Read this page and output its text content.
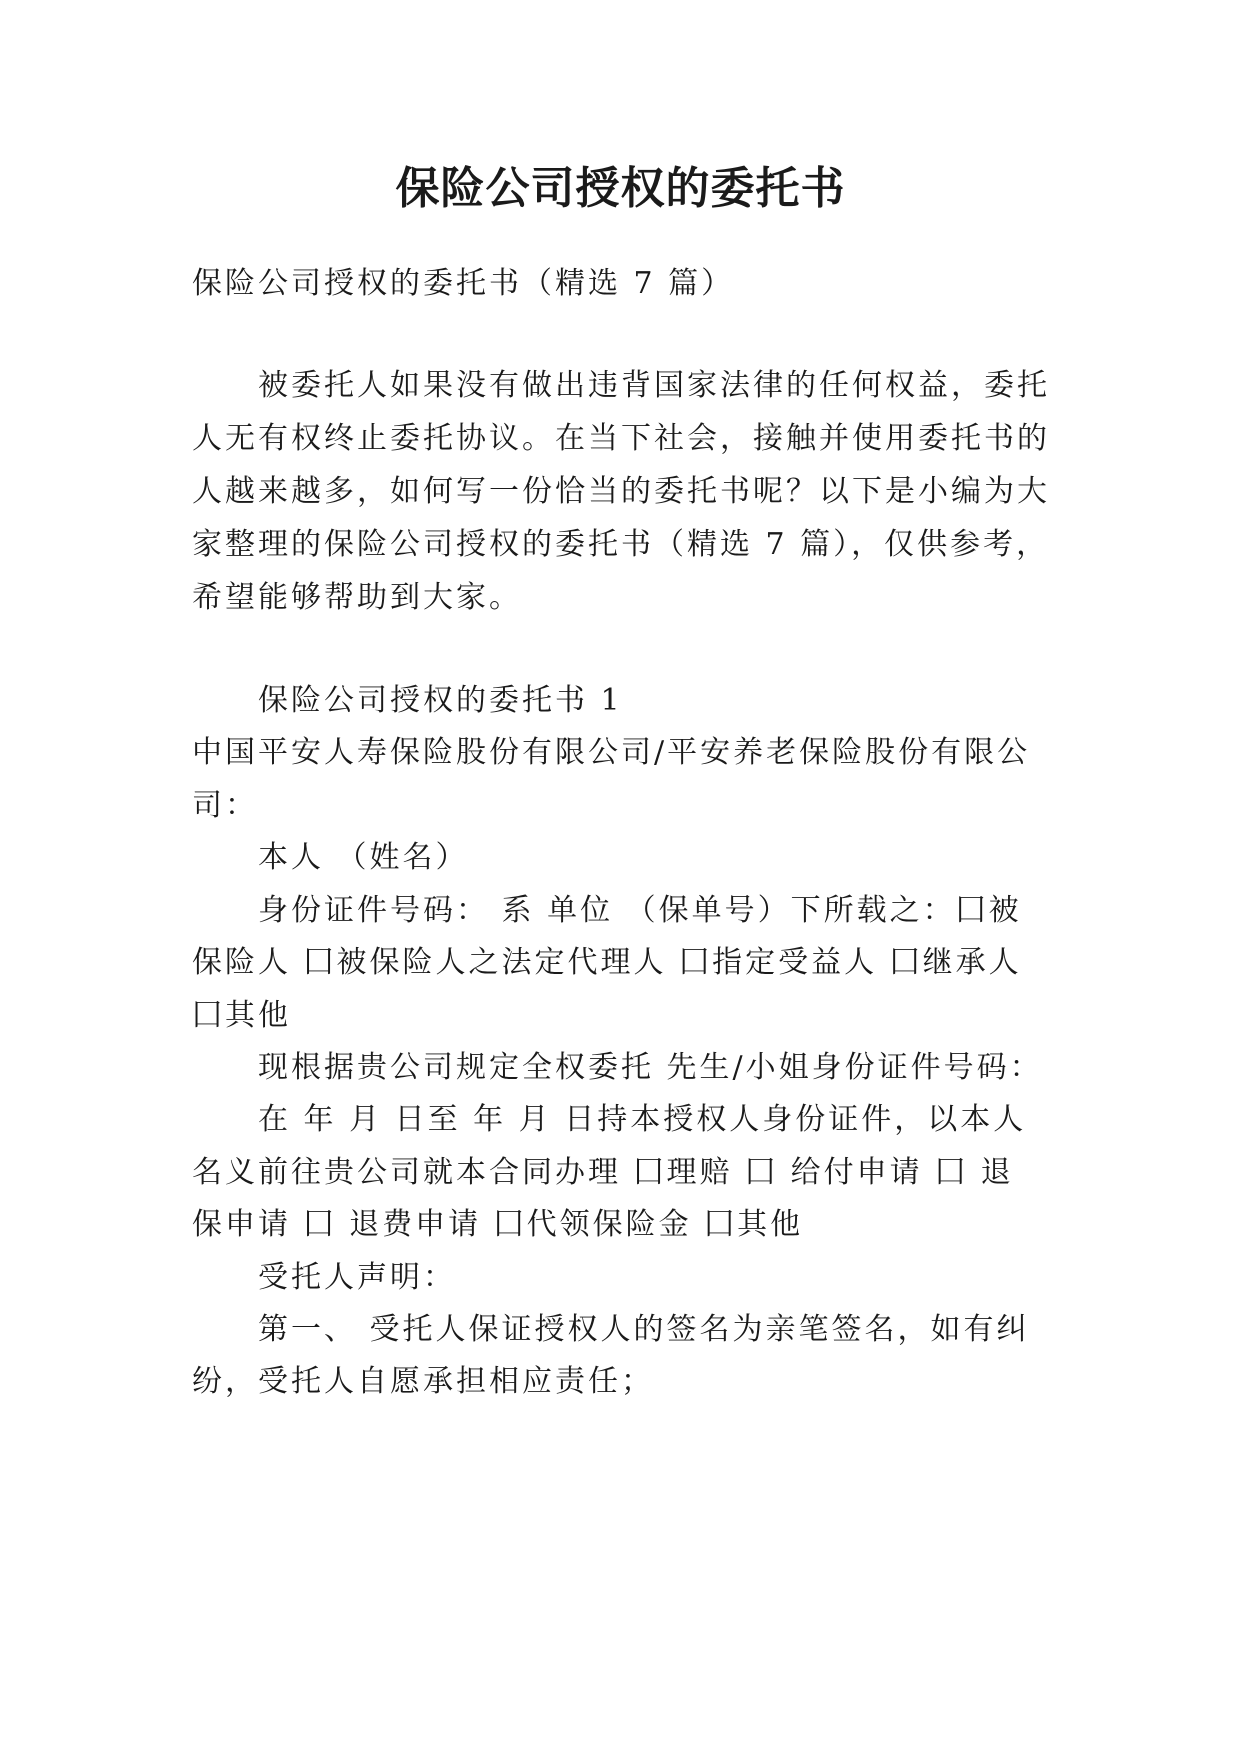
保险公司授权的委托书

保险公司授权的委托书（精选 7 篇）

被委托人如果没有做出违背国家法律的任何权益，委托

人无有权终止委托协议。在当下社会，接触并使用委托书的

人越来越多，如何写一份恰当的委托书呢？以下是小编为大

家整理的保险公司授权的委托书（精选 7 篇），仅供参考，

希望能够帮助到大家。

保险公司授权的委托书 1

中国平安人寿保险股份有限公司/平安养老保险股份有限公

司：

本人 （姓名）

身份证件号码： 系 单位 （保单号）下所载之：囗被

保险人 囗被保险人之法定代理人 囗指定受益人 囗继承人

囗其他

现根据贵公司规定全权委托 先生/小姐身份证件号码：

在 年 月 日至 年 月 日持本授权人身份证件，以本人

名义前往贵公司就本合同办理 囗理赔 囗 给付申请 囗 退

保申请 囗 退费申请 囗代领保险金 囗其他

受托人声明：

第一、 受托人保证授权人的签名为亲笔签名，如有纠

纷，受托人自愿承担相应责任；
